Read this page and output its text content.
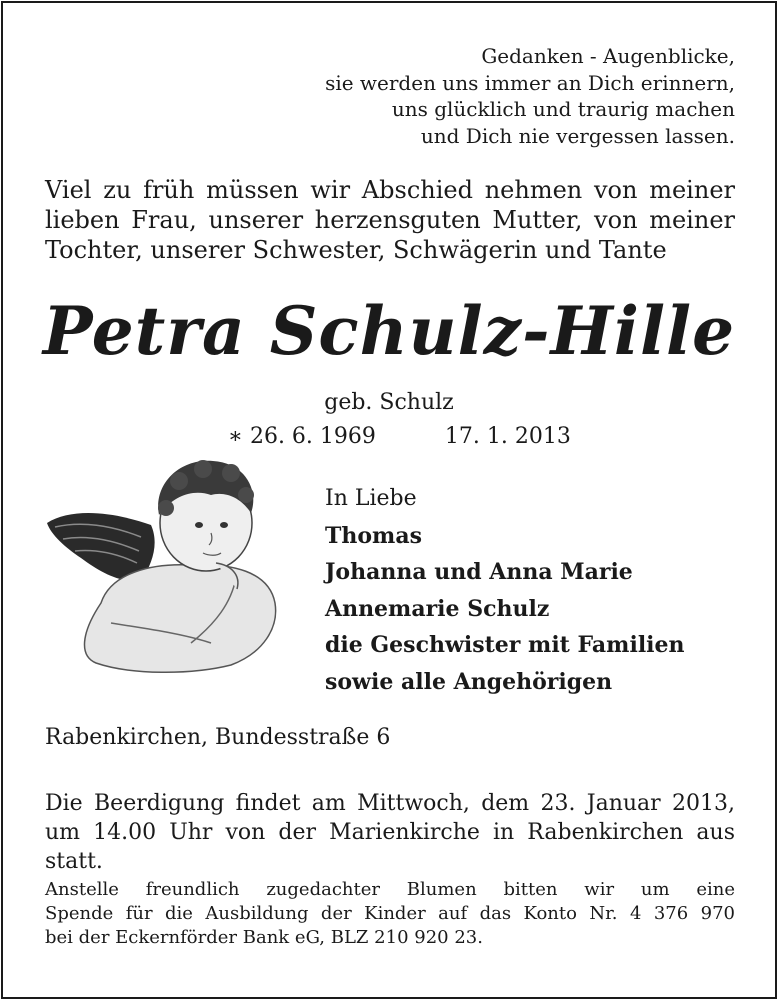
Gedanken - Augenblicke,
sie werden uns immer an Dich erinnern,
uns glücklich und traurig machen
und Dich nie vergessen lassen.
Viel zu früh müssen wir Abschied nehmen von meiner
lieben Frau, unserer herzensguten Mutter, von meiner
Tochter, unserer Schwester, Schwägerin und Tante
Petra Schulz-Hille
geb. Schulz
∗ 26. 6. 1969	17. 1. 2013
In Liebe
Thomas
Johanna und Anna Marie
Annemarie Schulz
die Geschwister mit Familien
sowie alle Angehörigen
Rabenkirchen, Bundesstraße 6
Die Beerdigung findet am Mittwoch, dem 23. Januar 2013,
um 14.00 Uhr von der Marienkirche in Rabenkirchen aus
statt.
Anstelle freundlich zugedachter Blumen bitten wir um eine
Spende für die Ausbildung der Kinder auf das Konto Nr. 4 376 970
bei der Eckernförder Bank eG, BLZ 210 920 23.
